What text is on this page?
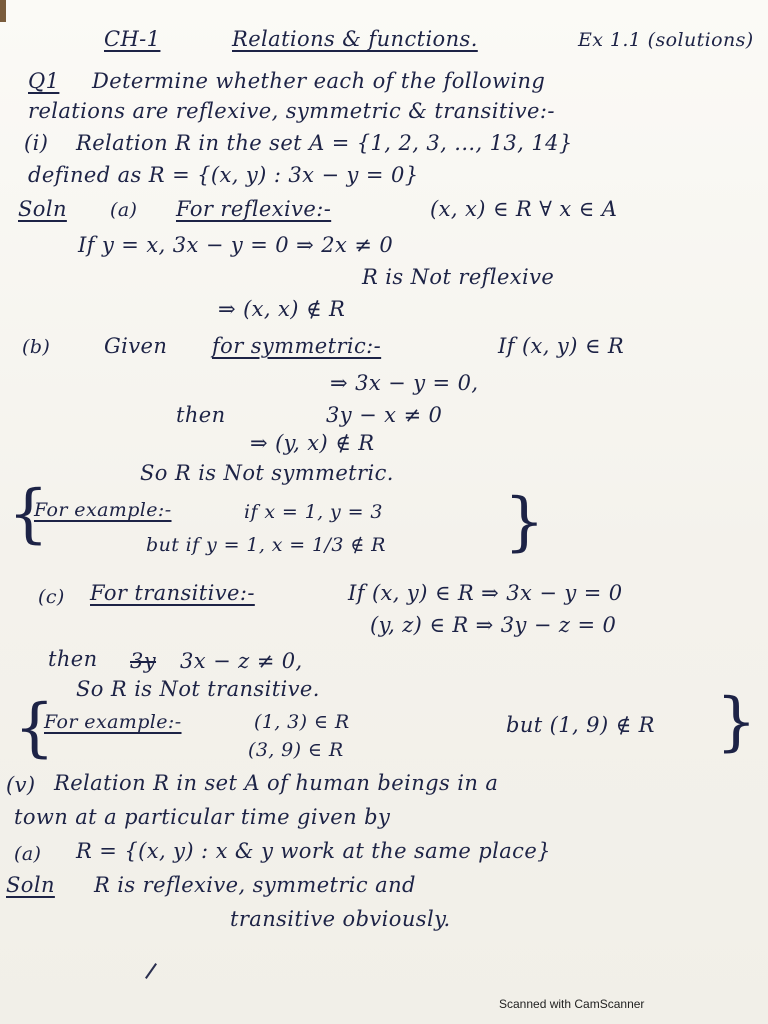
CH-1	Relations & functions.	Ex 1.1 (solutions)
Q1 Determine whether each of the following
relations are reflexive, symmetric & transitive:-
(i) Relation R in the set A = {1, 2, 3, ..., 13, 14}
defined as R = {(x, y) : 3x − y = 0}
Soln (a) For reflexive:-	(x, x) ∈ R ∀ x ∈ A
If y = x, 3x − y = 0 ⇒ 2x ≠ 0
R is Not reflexive
⇒ (x, x) ∉ R
(b)	Given for symmetric:-	If (x, y) ∈ R
⇒ 3x − y = 0,
then	3y − x ≠ 0
⇒ (y, x) ∉ R
So R is Not symmetric.
{
For example:-	if x = 1, y = 3
but if y = 1, x = 1/3 ∉ R }
(c) For transitive:-	If (x, y) ∈ R ⇒ 3x − y = 0
(y, z) ∈ R ⇒ 3y − z = 0
then 3y 3x − z ≠ 0,
So R is Not transitive.
{
For example:-	(1, 3) ∈ R
(3, 9) ∈ R
but (1, 9) ∉ R }
(v) Relation R in set A of human beings in a
town at a particular time given by
(a) R = {(x, y) : x & y work at the same place}
Soln R is reflexive, symmetric and
transitive obviously.
Scanned with CamScanner
